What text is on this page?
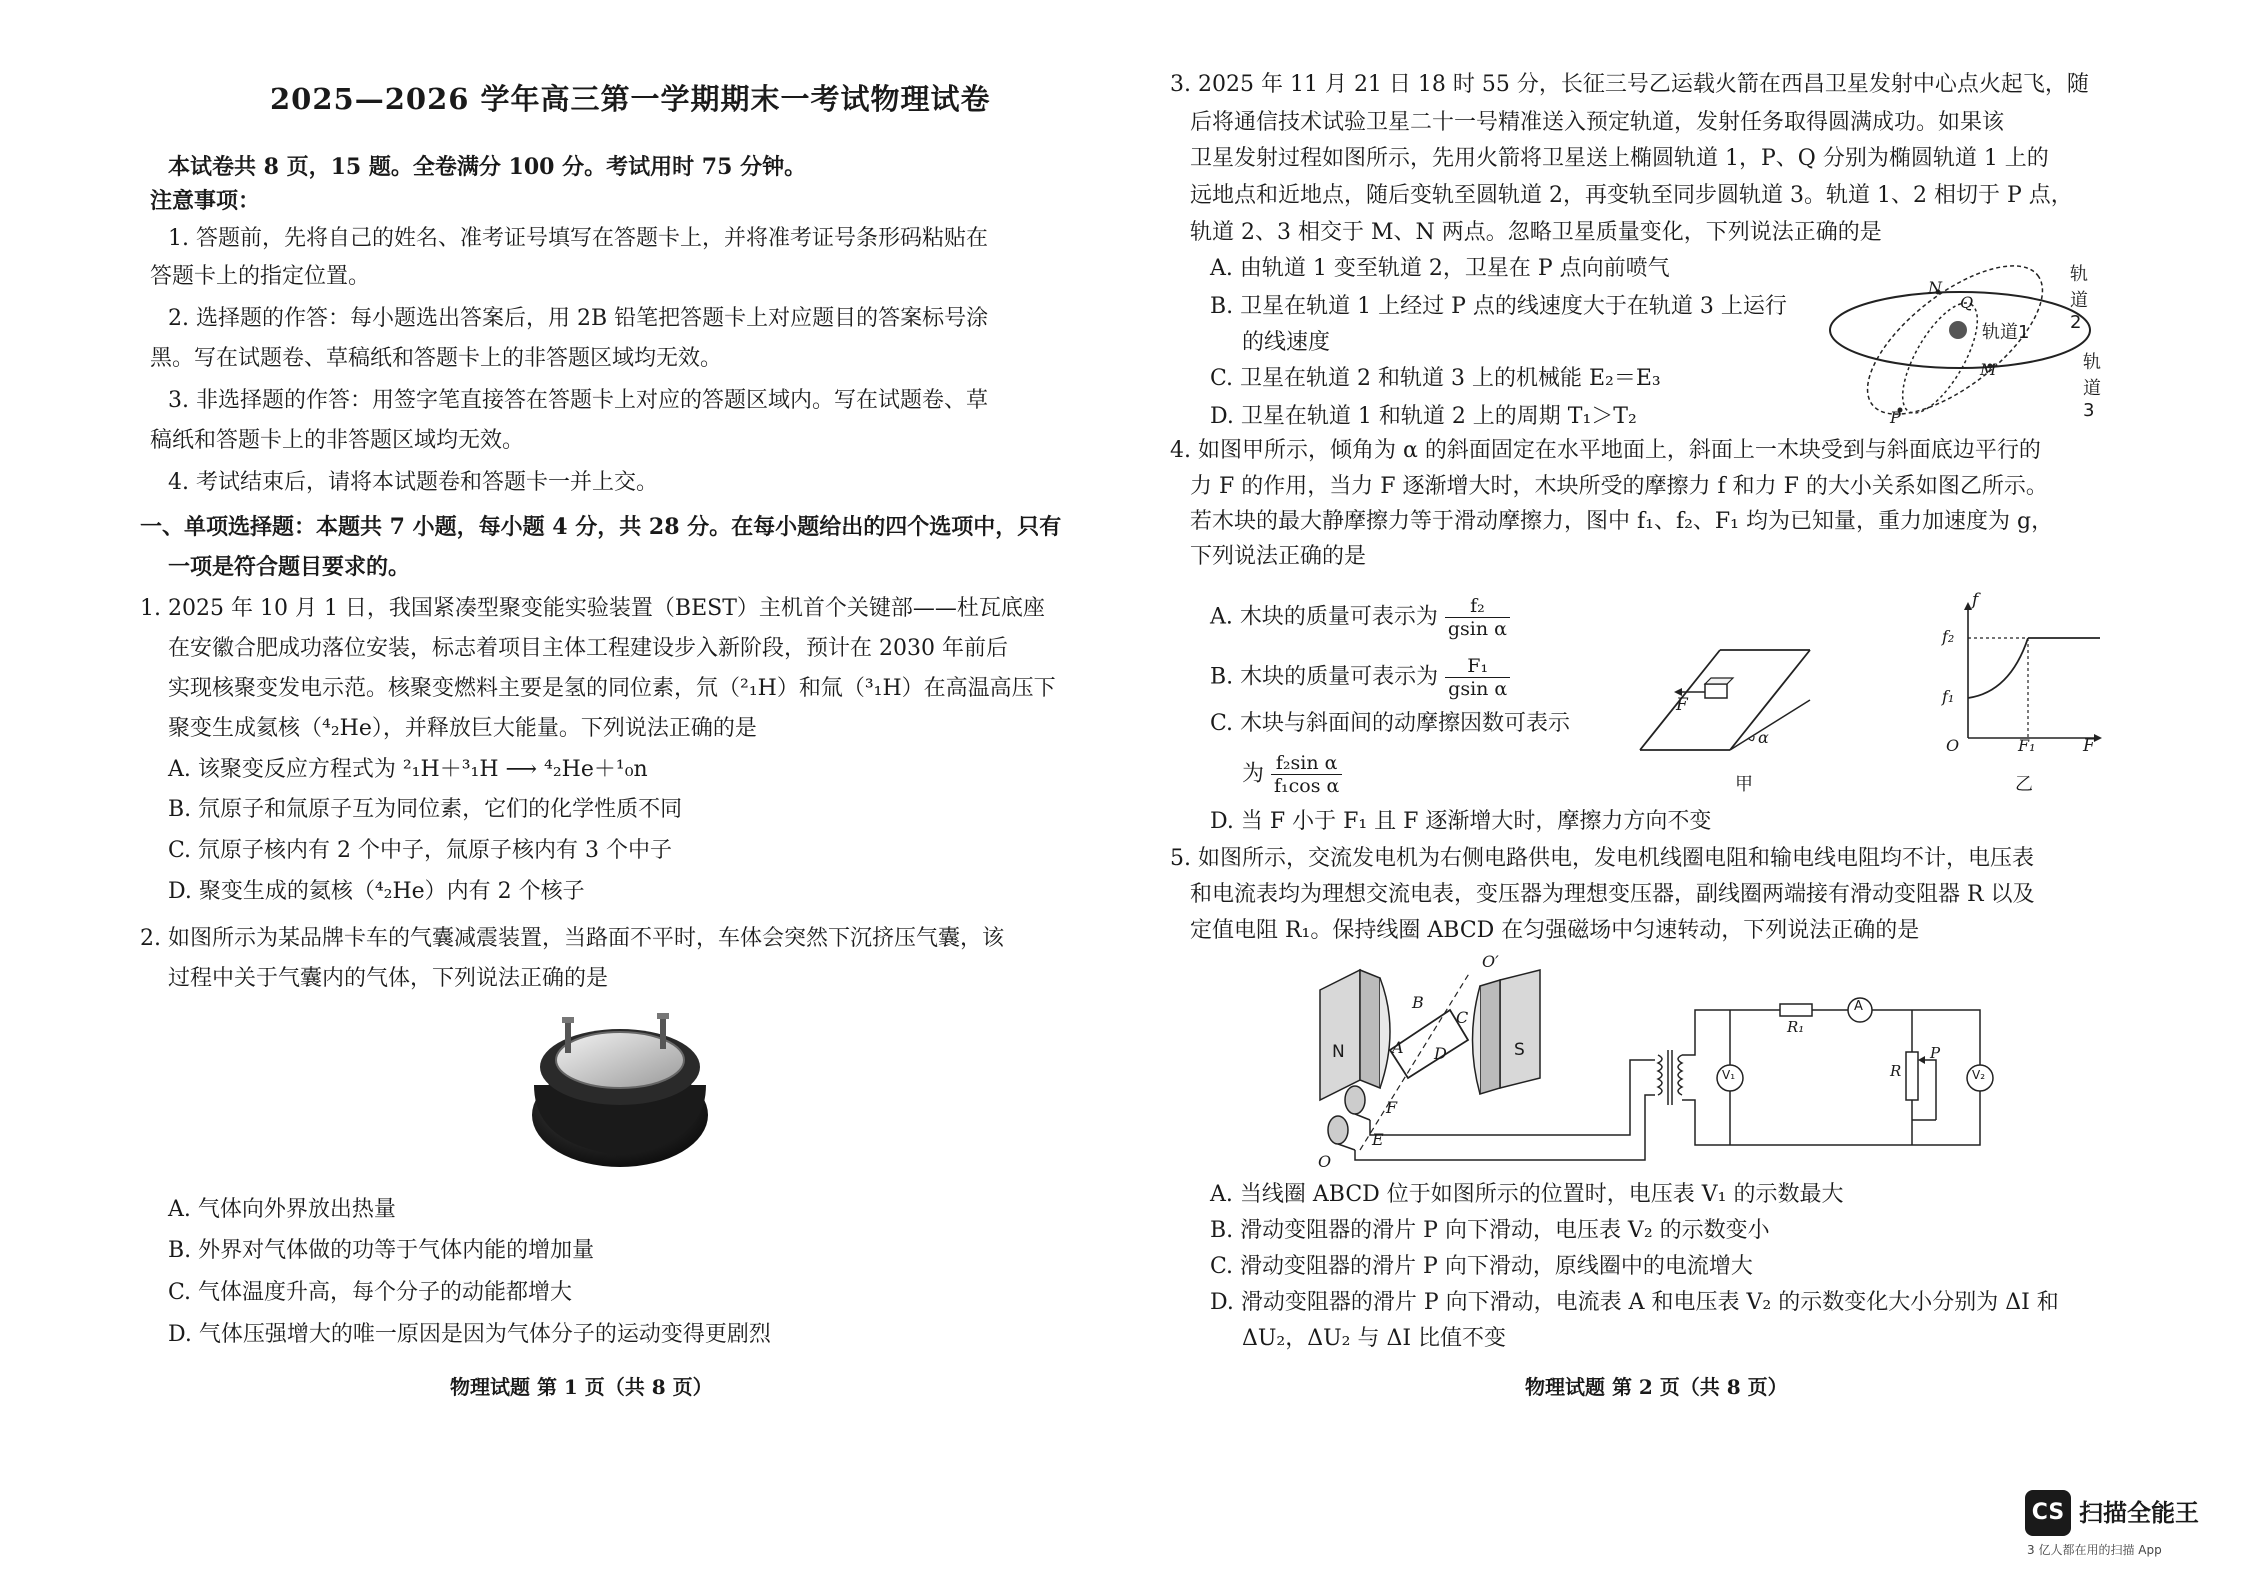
2025—2026 学年高三第一学期期末一考试物理试卷
本试卷共 8 页，15 题。全卷满分 100 分。考试用时 75 分钟。
注意事项：
1. 答题前，先将自己的姓名、准考证号填写在答题卡上，并将准考证号条形码粘贴在
答题卡上的指定位置。
2. 选择题的作答：每小题选出答案后，用 2B 铅笔把答题卡上对应题目的答案标号涂
黑。写在试题卷、草稿纸和答题卡上的非答题区域均无效。
3. 非选择题的作答：用签字笔直接答在答题卡上对应的答题区域内。写在试题卷、草
稿纸和答题卡上的非答题区域均无效。
4. 考试结束后，请将本试题卷和答题卡一并上交。
一、单项选择题：本题共 7 小题，每小题 4 分，共 28 分。在每小题给出的四个选项中，只有
一项是符合题目要求的。
1. 2025 年 10 月 1 日，我国紧凑型聚变能实验装置（BEST）主机首个关键部——杜瓦底座
在安徽合肥成功落位安装，标志着项目主体工程建设步入新阶段，预计在 2030 年前后
实现核聚变发电示范。核聚变燃料主要是氢的同位素，氘（²₁H）和氚（³₁H）在高温高压下
聚变生成氦核（⁴₂He），并释放巨大能量。下列说法正确的是
A. 该聚变反应方程式为 ²₁H＋³₁H ⟶ ⁴₂He＋¹₀n
B. 氘原子和氚原子互为同位素，它们的化学性质不同
C. 氘原子核内有 2 个中子，氚原子核内有 3 个中子
D. 聚变生成的氦核（⁴₂He）内有 2 个核子
2. 如图所示为某品牌卡车的气囊减震装置，当路面不平时，车体会突然下沉挤压气囊，该
过程中关于气囊内的气体，下列说法正确的是
A. 气体向外界放出热量
B. 外界对气体做的功等于气体内能的增加量
C. 气体温度升高，每个分子的动能都增大
D. 气体压强增大的唯一原因是因为气体分子的运动变得更剧烈
物理试题 第 1 页（共 8 页）
3. 2025 年 11 月 21 日 18 时 55 分，长征三号乙运载火箭在西昌卫星发射中心点火起飞，随
后将通信技术试验卫星二十一号精准送入预定轨道，发射任务取得圆满成功。如果该
卫星发射过程如图所示，先用火箭将卫星送上椭圆轨道 1，P、Q 分别为椭圆轨道 1 上的
远地点和近地点，随后变轨至圆轨道 2，再变轨至同步圆轨道 3。轨道 1、2 相切于 P 点，
轨道 2、3 相交于 M、N 两点。忽略卫星质量变化，下列说法正确的是
A. 由轨道 1 变至轨道 2，卫星在 P 点向前喷气
B. 卫星在轨道 1 上经过 P 点的线速度大于在轨道 3 上运行
的线速度
C. 卫星在轨道 2 和轨道 3 上的机械能 E₂＝E₃
D. 卫星在轨道 1 和轨道 2 上的周期 T₁＞T₂
轨道2
轨道1
轨道3
N
Q
M
P
4. 如图甲所示，倾角为 α 的斜面固定在水平地面上，斜面上一木块受到与斜面底边平行的
力 F 的作用，当力 F 逐渐增大时，木块所受的摩擦力 f 和力 F 的大小关系如图乙所示。
若木块的最大静摩擦力等于滑动摩擦力，图中 f₁、f₂、F₁ 均为已知量，重力加速度为 g，
下列说法正确的是
A. 木块的质量可表示为 $\frac{\text{f₂}}{\text{gsin α}}$
B. 木块的质量可表示为 $\frac{\text{F₁}}{\text{gsin α}}$
C. 木块与斜面间的动摩擦因数可表示
为 $\frac{\text{f₂sin α}}{\text{f₁cos α}}$
D. 当 F 小于 F₁ 且 F 逐渐增大时，摩擦力方向不变
F
α
甲
f
f₂
f₁
O	F₁	F
乙
5. 如图所示，交流发电机为右侧电路供电，发电机线圈电阻和输电线电阻均不计，电压表
和电流表均为理想交流电表，变压器为理想变压器，副线圈两端接有滑动变阻器 R 以及
定值电阻 R₁。保持线圈 ABCD 在匀强磁场中匀速转动，下列说法正确的是
N	S
A
B
C
D
E
F
O
O′
R₁
A
V₁	V₂
R
P
A. 当线圈 ABCD 位于如图所示的位置时，电压表 V₁ 的示数最大
B. 滑动变阻器的滑片 P 向下滑动，电压表 V₂ 的示数变小
C. 滑动变阻器的滑片 P 向下滑动，原线圈中的电流增大
D. 滑动变阻器的滑片 P 向下滑动，电流表 A 和电压表 V₂ 的示数变化大小分别为 ΔI 和
ΔU₂，ΔU₂ 与 ΔI 比值不变
物理试题 第 2 页（共 8 页）
CS 扫描全能王
3 亿人都在用的扫描 App
